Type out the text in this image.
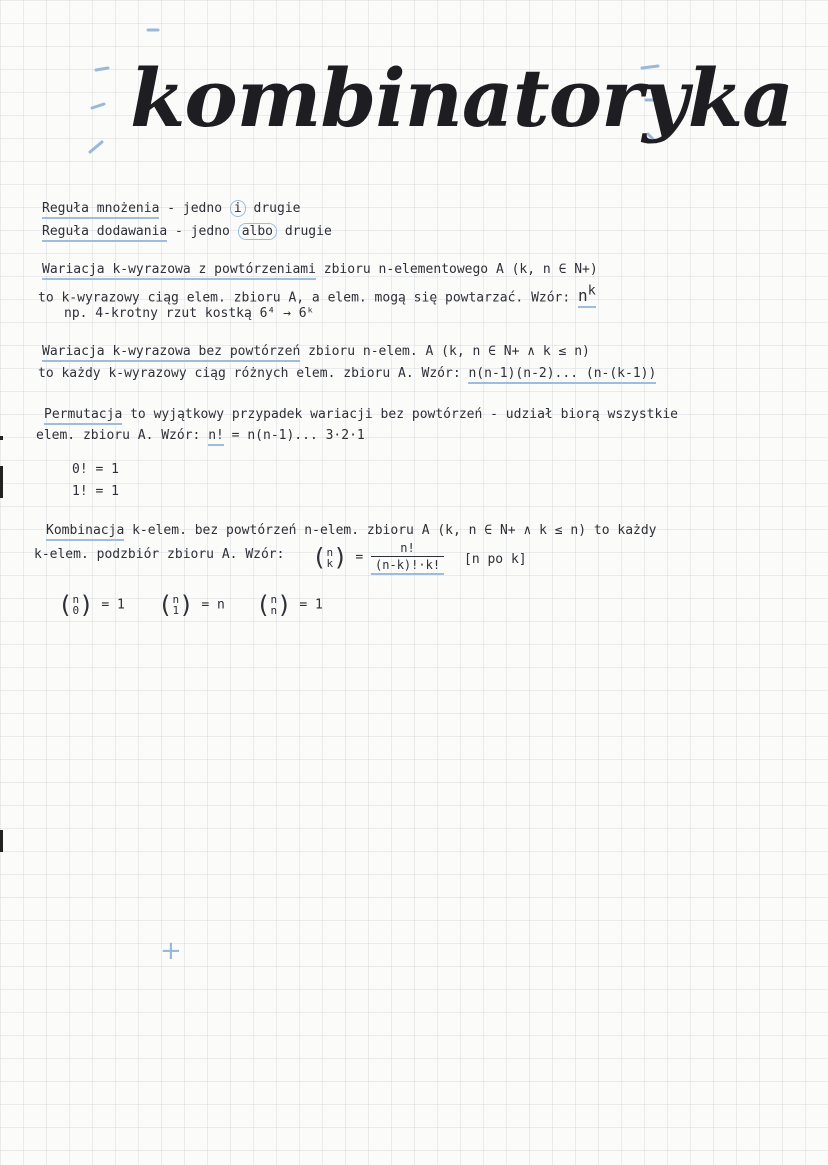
kombinatoryka
Reguła mnożenia - jedno i drugie
Reguła dodawania - jedno albo drugie
Wariacja k-wyrazowa z powtórzeniami zbioru n-elementowego A (k, n ∈ N+)
to k-wyrazowy ciąg elem. zbioru A, a elem. mogą się powtarzać. Wzór: $n^k$
np. 4-krotny rzut kostką 6⁴ → 6ᵏ
Wariacja k-wyrazowa bez powtórzeń zbioru n-elem. A (k, n ∈ N+ ∧ k ≤ n)
to każdy k-wyrazowy ciąg różnych elem. zbioru A. Wzór: n(n-1)(n-2)... (n-(k-1))
Permutacja to wyjątkowy przypadek wariacji bez powtórzeń - udział biorą wszystkie
elem. zbioru A. Wzór: n! = n(n-1)... 3·2·1
0! = 1
1! = 1
Kombinacja k-elem. bez powtórzeń n-elem. zbioru A (k, n ∈ N+ ∧ k ≤ n) to każdy
k-elem. podzbiór zbioru A. Wzór: ( n
k ) = $\frac{n!}{(n-k)!\cdot k!} [n$ po k]
( n
0 ) = 1 ( n
1 ) = n ( n
n ) = 1
+
